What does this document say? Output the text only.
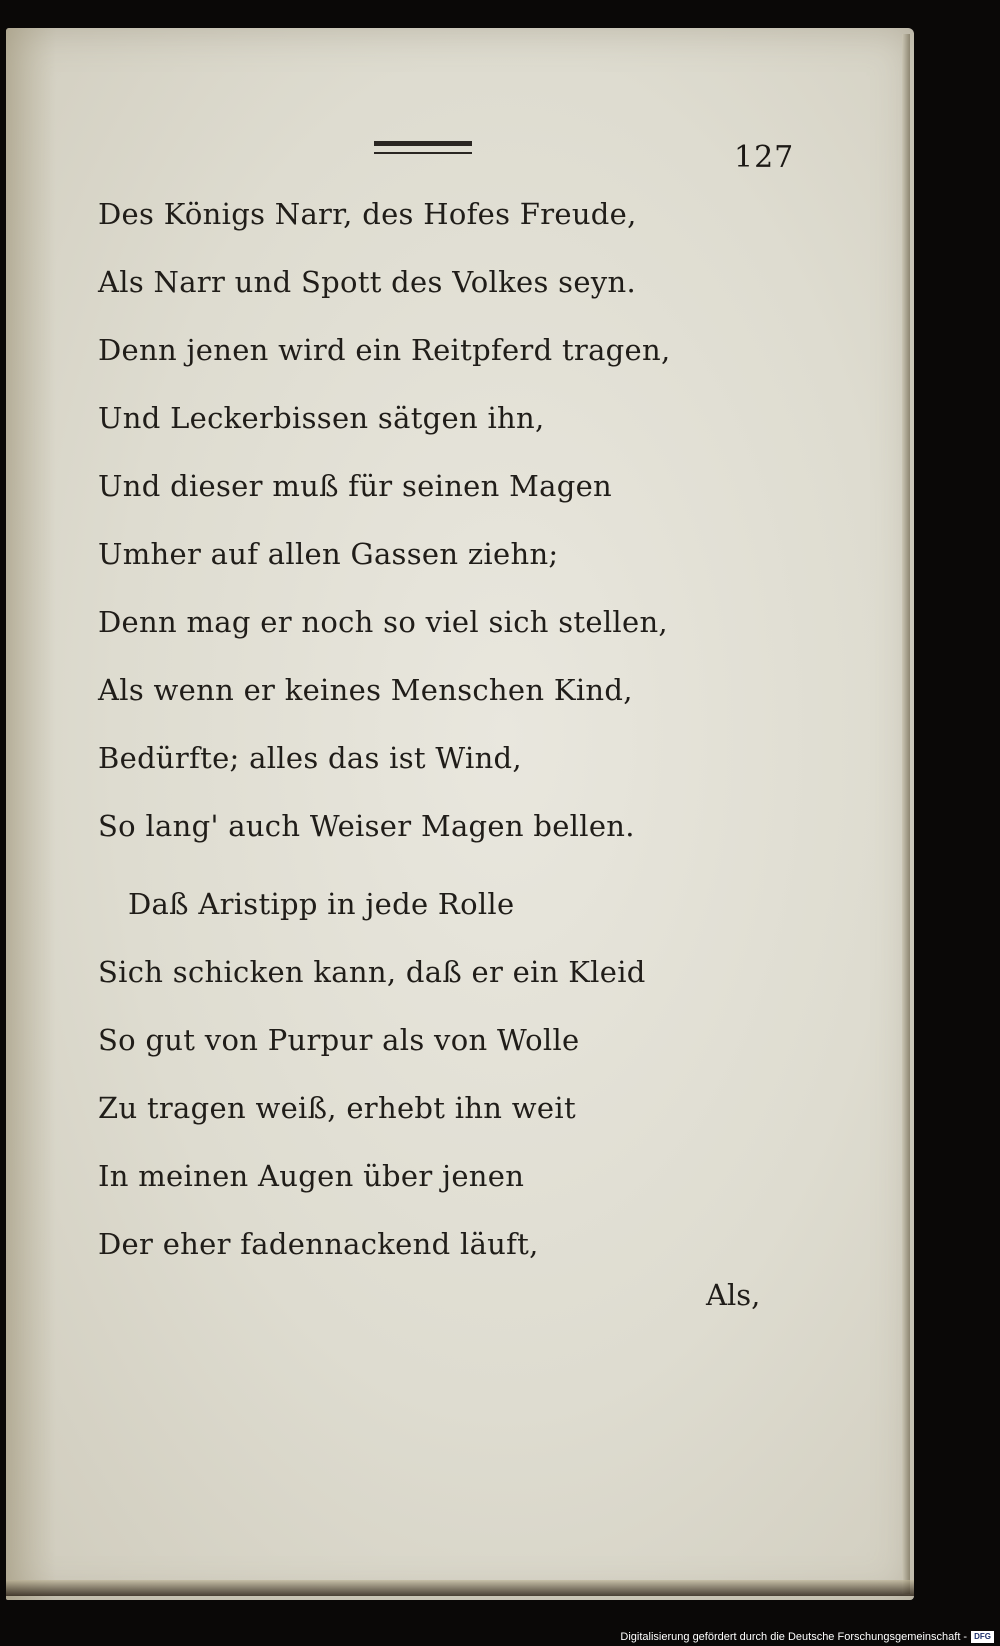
127
Des Königs Narr, des Hofes Freude,
Als Narr und Spott des Volkes seyn.
Denn jenen wird ein Reitpferd tragen,
Und Leckerbissen sätgen ihn,
Und dieser muß für seinen Magen
Umher auf allen Gassen ziehn;
Denn mag er noch so viel sich stellen,
Als wenn er keines Menschen Kind,
Bedürfte; alles das ist Wind,
So lang' auch Weiser Magen bellen.
Daß Aristipp in jede Rolle
Sich schicken kann, daß er ein Kleid
So gut von Purpur als von Wolle
Zu tragen weiß, erhebt ihn weit
In meinen Augen über jenen
Der eher fadennackend läuft,
Als,
Digitalisierung gefördert durch die Deutsche Forschungsgemeinschaft - DFG
